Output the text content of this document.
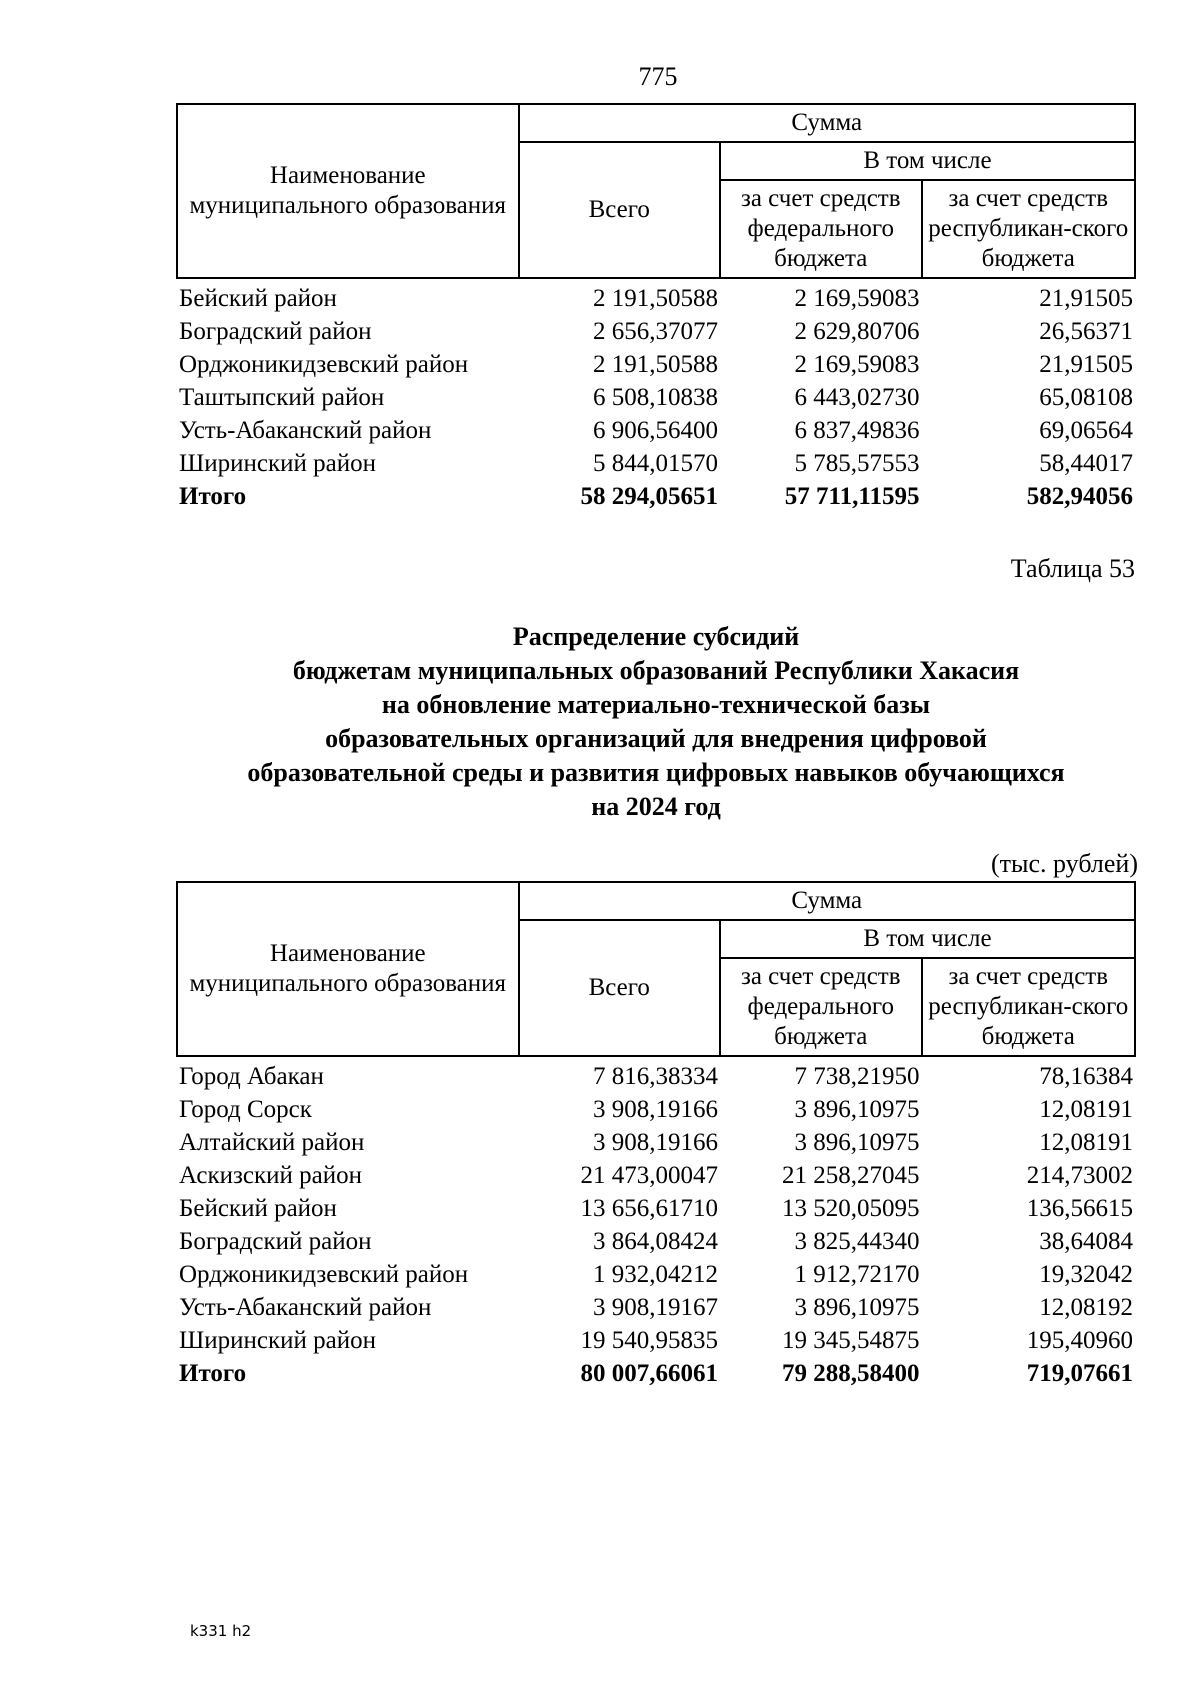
775
Наименование муниципального образования	Сумма		
	Всего	В том числе	
		за счет средств федерального бюджета	за счет средств республикан-ского бюджета
Бейский район	2 191,50588	2 169,59083	21,91505
Боградский район	2 656,37077	2 629,80706	26,56371
Орджоникидзевский район	2 191,50588	2 169,59083	21,91505
Таштыпский район	6 508,10838	6 443,02730	65,08108
Усть-Абаканский район	6 906,56400	6 837,49836	69,06564
Ширинский район	5 844,01570	5 785,57553	58,44017
Итого	58 294,05651	57 711,11595	582,94056
Таблица 53
Распределение субсидий
бюджетам муниципальных образований Республики Хакасия
на обновление материально-технической базы
образовательных организаций для внедрения цифровой
образовательной среды и развития цифровых навыков обучающихся
на 2024 год
(тыс. рублей)
Наименование муниципального образования	Сумма		
	Всего	В том числе	
		за счет средств федерального бюджета	за счет средств республикан-ского бюджета
Город Абакан	7 816,38334	7 738,21950	78,16384
Город Сорск	3 908,19166	3 896,10975	12,08191
Алтайский район	3 908,19166	3 896,10975	12,08191
Аскизский район	21 473,00047	21 258,27045	214,73002
Бейский район	13 656,61710	13 520,05095	136,56615
Боградский район	3 864,08424	3 825,44340	38,64084
Орджоникидзевский район	1 932,04212	1 912,72170	19,32042
Усть-Абаканский район	3 908,19167	3 896,10975	12,08192
Ширинский район	19 540,95835	19 345,54875	195,40960
Итого	80 007,66061	79 288,58400	719,07661
k331 h2
